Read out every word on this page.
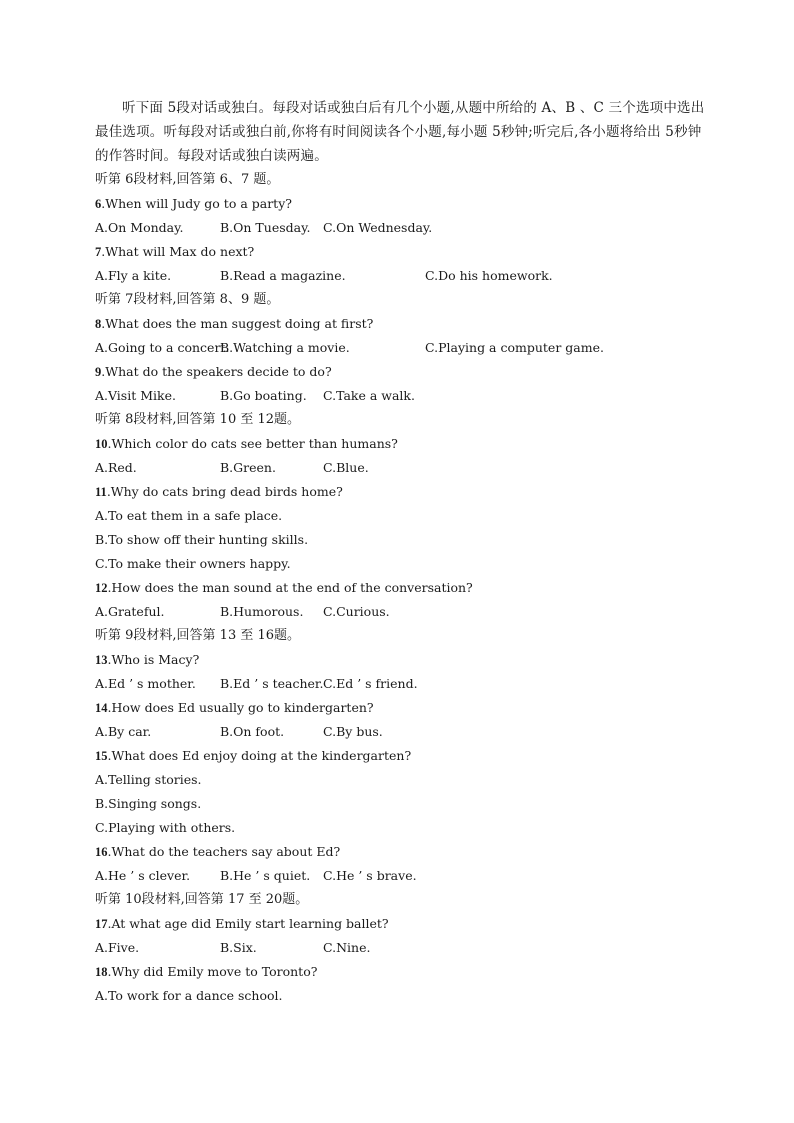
听下面 5段对话或独白。每段对话或独白后有几个小题,从题中所给的 A、B 、C 三个选项中选出最佳选项。听每段对话或独白前,你将有时间阅读各个小题,每小题 5秒钟;听完后,各小题将给出 5秒钟的作答时间。每段对话或独白读两遍。

听第 6段材料,回答第 6、7 题。

6.When will Judy go to a party?

A.On Monday.	B.On Tuesday. C.On Wednesday.

7.What will Max do next?

A.Fly a kite.	B.Read a magazine.	C.Do his homework.

听第 7段材料,回答第 8、9 题。

8.What does the man suggest doing at first?

A.Going to a concert.
B.Watching a movie.	C.Playing a computer game.

9.What do the speakers decide to do?

A.Visit Mike.	B.Go boating. C.Take a walk.

听第 8段材料,回答第 10 至 12题。

10.Which color do cats see better than humans?

A.Red.	B.Green.	C.Blue.

11.Why do cats bring dead birds home?

A.To eat them in a safe place.

B.To show off their hunting skills.

C.To make their owners happy.

12.How does the man sound at the end of the conversation?

A.Grateful.	B.Humorous. C.Curious.

听第 9段材料,回答第 13 至 16题。

13.Who is Macy?

A.Ed ’ s mother. B.Ed ’ s teacher. C.Ed ’ s friend.

14.How does Ed usually go to kindergarten?

A.By car.	B.On foot.	C.By bus.

15.What does Ed enjoy doing at the kindergarten?

A.Telling stories.

B.Singing songs.

C.Playing with others.

16.What do the teachers say about Ed?

A.He ’ s clever. B.He ’ s quiet. C.He ’ s brave.

听第 10段材料,回答第 17 至 20题。

17.At what age did Emily start learning ballet?

A.Five.	B.Six.	C.Nine.

18.Why did Emily move to Toronto?

A.To work for a dance school.
